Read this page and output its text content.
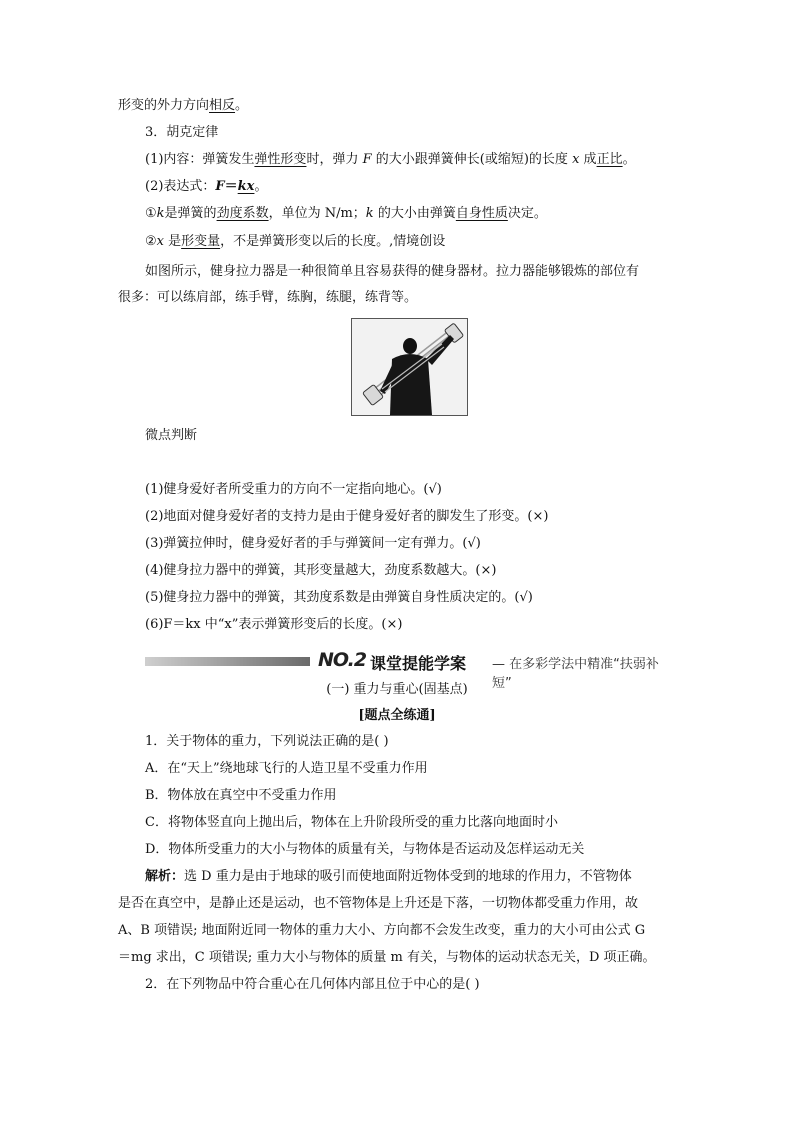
形变的外力方向相反。
3．胡克定律
(1)内容：弹簧发生弹性形变时，弹力 F 的大小跟弹簧伸长(或缩短)的长度 x 成正比。
(2)表达式：F＝kx。
①k是弹簧的劲度系数，单位为 N/m；k 的大小由弹簧自身性质决定。
②x 是形变量，不是弹簧形变以后的长度。,情境创设
如图所示，健身拉力器是一种很简单且容易获得的健身器材。拉力器能够锻炼的部位有
很多：可以练肩部，练手臂，练胸，练腿，练背等。
微点判断
(1)健身爱好者所受重力的方向不一定指向地心。(√)
(2)地面对健身爱好者的支持力是由于健身爱好者的脚发生了形变。(×)
(3)弹簧拉伸时，健身爱好者的手与弹簧间一定有弹力。(√)
(4)健身拉力器中的弹簧，其形变量越大，劲度系数越大。(×)
(5)健身拉力器中的弹簧，其劲度系数是由弹簧自身性质决定的。(√)
(6)F＝kx 中“x”表示弹簧形变后的长度。(×)
NO.2 课堂提能学案 — 在多彩学法中精准“扶弱补短”
(一) 重力与重心(固基点)
[题点全练通]
1．关于物体的重力，下列说法正确的是( )
A．在“天上”绕地球飞行的人造卫星不受重力作用
B．物体放在真空中不受重力作用
C．将物体竖直向上抛出后，物体在上升阶段所受的重力比落向地面时小
D．物体所受重力的大小与物体的质量有关，与物体是否运动及怎样运动无关
解析：选 D 重力是由于地球的吸引而使地面附近物体受到的地球的作用力，不管物体
是否在真空中，是静止还是运动，也不管物体是上升还是下落，一切物体都受重力作用，故
A、B 项错误; 地面附近同一物体的重力大小、方向都不会发生改变，重力的大小可由公式 G
＝mg 求出，C 项错误; 重力大小与物体的质量 m 有关，与物体的运动状态无关，D 项正确。
2．在下列物品中符合重心在几何体内部且位于中心的是( )
